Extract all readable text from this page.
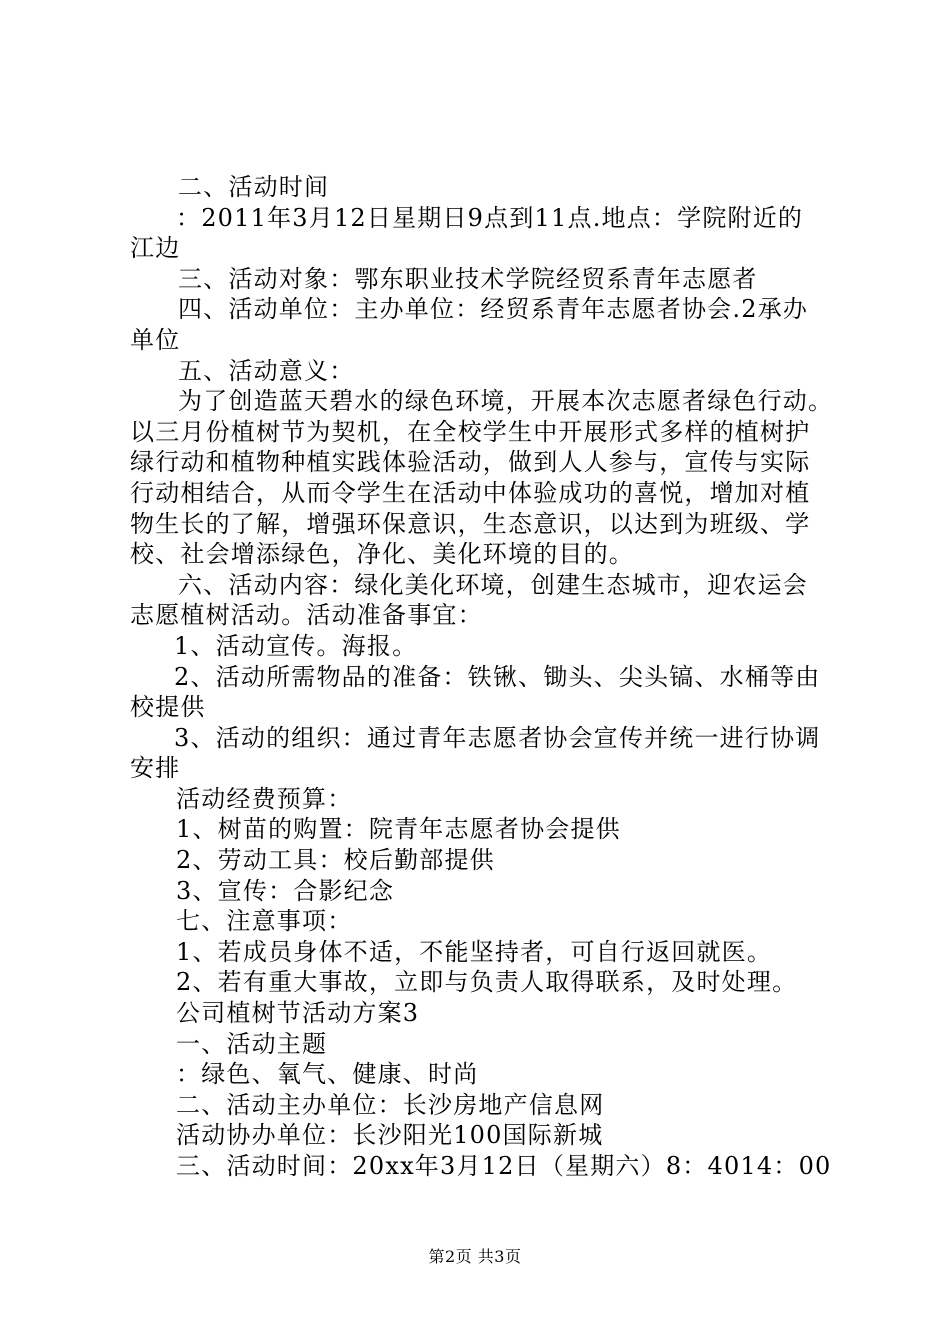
二、活动时间
：2011年3月12日星期日9点到11点.地点：学院附近的
江边
三、活动对象：鄂东职业技术学院经贸系青年志愿者
四、活动单位：主办单位：经贸系青年志愿者协会.2承办
单位
五、活动意义：
为了创造蓝天碧水的绿色环境，开展本次志愿者绿色行动。
以三月份植树节为契机，在全校学生中开展形式多样的植树护
绿行动和植物种植实践体验活动，做到人人参与，宣传与实际
行动相结合，从而令学生在活动中体验成功的喜悦，增加对植
物生长的了解，增强环保意识，生态意识，以达到为班级、学
校、社会增添绿色，净化、美化环境的目的。
六、活动内容：绿化美化环境，创建生态城市，迎农运会
志愿植树活动。活动准备事宜：
1、活动宣传。海报。
2、活动所需物品的准备：铁锹、锄头、尖头镐、水桶等由
校提供
3、活动的组织：通过青年志愿者协会宣传并统一进行协调
安排
活动经费预算：
1、树苗的购置：院青年志愿者协会提供
2、劳动工具：校后勤部提供
3、宣传：合影纪念
七、注意事项：
1、若成员身体不适，不能坚持者，可自行返回就医。
2、若有重大事故，立即与负责人取得联系，及时处理。
公司植树节活动方案3
一、活动主题
：绿色、氧气、健康、时尚
二、活动主办单位：长沙房地产信息网
活动协办单位：长沙阳光100国际新城
三、活动时间：20xx年3月12日（星期六）8：4014：00
第2页 共3页
